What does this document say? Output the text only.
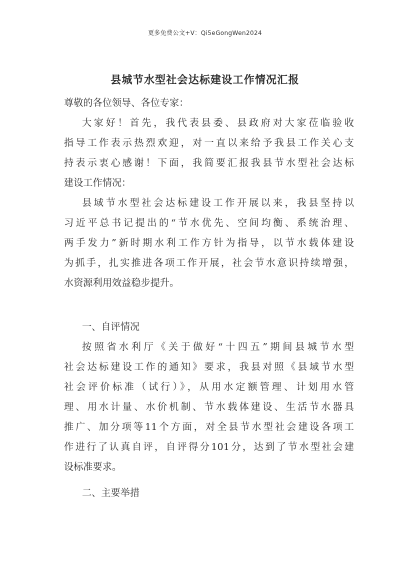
更多免费公文+V：Qi5eGongWen2024
县城节水型社会达标建设工作情况汇报
尊敬的各位领导、各位专家：
大家好！首先，我代表县委、县政府对大家莅临验收
指导工作表示热烈欢迎，对一直以来给予我县工作关心支
持表示衷心感谢！下面，我简要汇报我县节水型社会达标
建设工作情况：
县域节水型社会达标建设工作开展以来，我县坚持以
习近平总书记提出的“节水优先、空间均衡、系统治理、
两手发力”新时期水利工作方针为指导，以节水载体建设
为抓手，扎实推进各项工作开展，社会节水意识持续增强，
水资源利用效益稳步提升。
一、自评情况
按照省水利厅《关于做好“十四五”期间县城节水型
社会达标建设工作的通知》要求，我县对照《县域节水型
社会评价标准（试行）》，从用水定额管理、计划用水管
理、用水计量、水价机制、节水载体建设、生活节水器具
推广、加分项等11个方面，对全县节水型社会建设各项工
作进行了认真自评，自评得分101分，达到了节水型社会建
设标准要求。
二、主要举措
